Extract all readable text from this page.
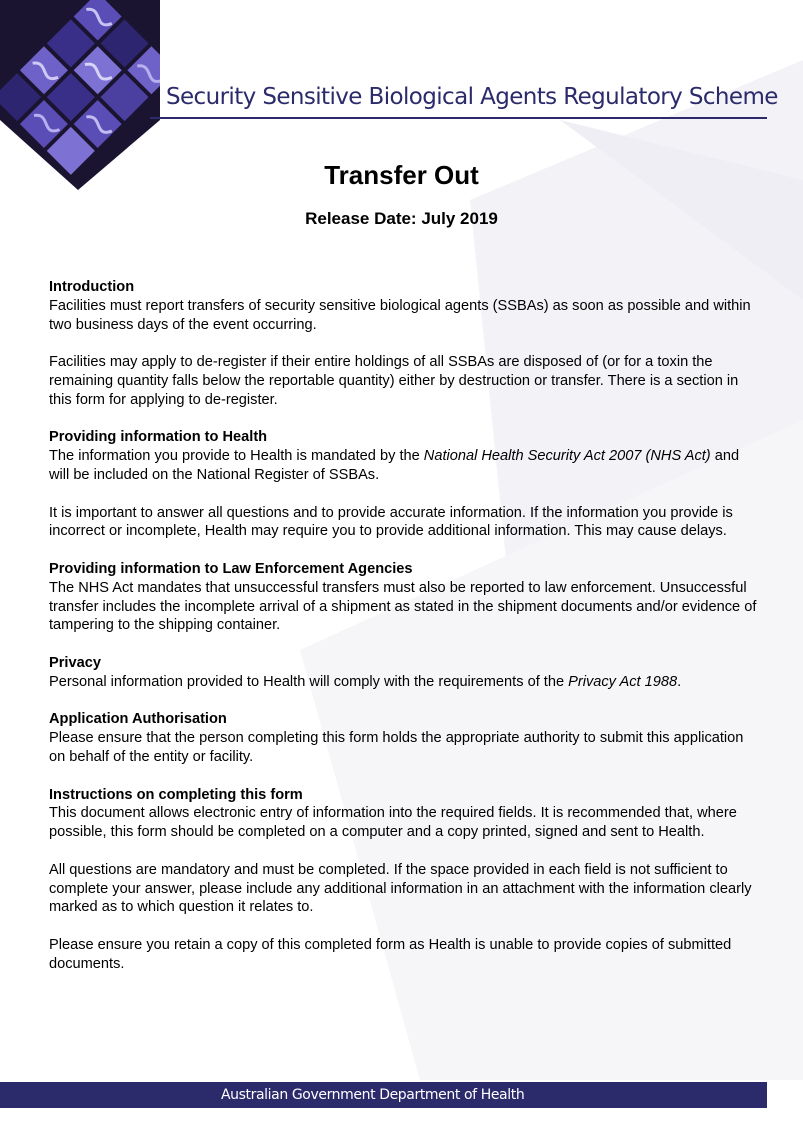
Security Sensitive Biological Agents Regulatory Scheme
Transfer Out
Release Date: July 2019
Introduction

Facilities must report transfers of security sensitive biological agents (SSBAs) as soon as possible and within two business days of the event occurring.

Facilities may apply to de-register if their entire holdings of all SSBAs are disposed of (or for a toxin the remaining quantity falls below the reportable quantity) either by destruction or transfer. There is a section in this form for applying to de-register.

Providing information to Health

The information you provide to Health is mandated by the National Health Security Act 2007 (NHS Act) and will be included on the National Register of SSBAs.

It is important to answer all questions and to provide accurate information. If the information you provide is incorrect or incomplete, Health may require you to provide additional information. This may cause delays.

Providing information to Law Enforcement Agencies

The NHS Act mandates that unsuccessful transfers must also be reported to law enforcement. Unsuccessful transfer includes the incomplete arrival of a shipment as stated in the shipment documents and/or evidence of tampering to the shipping container.

Privacy

Personal information provided to Health will comply with the requirements of the Privacy Act 1988.

Application Authorisation

Please ensure that the person completing this form holds the appropriate authority to submit this application on behalf of the entity or facility.

Instructions on completing this form

This document allows electronic entry of information into the required fields. It is recommended that, where possible, this form should be completed on a computer and a copy printed, signed and sent to Health.

All questions are mandatory and must be completed. If the space provided in each field is not sufficient to complete your answer, please include any additional information in an attachment with the information clearly marked as to which question it relates to.

Please ensure you retain a copy of this completed form as Health is unable to provide copies of submitted documents.

Australian Government Department of Health
